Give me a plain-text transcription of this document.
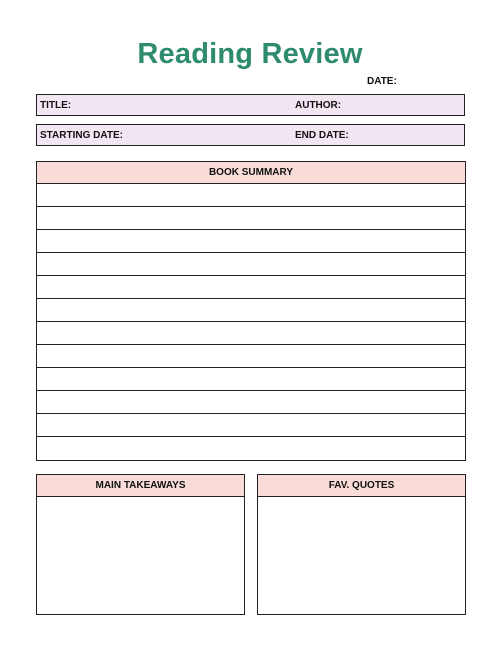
Reading Review
DATE:
TITLE:	AUTHOR:
STARTING DATE:	END DATE:
BOOK SUMMARY
MAIN TAKEAWAYS	FAV. QUOTES
